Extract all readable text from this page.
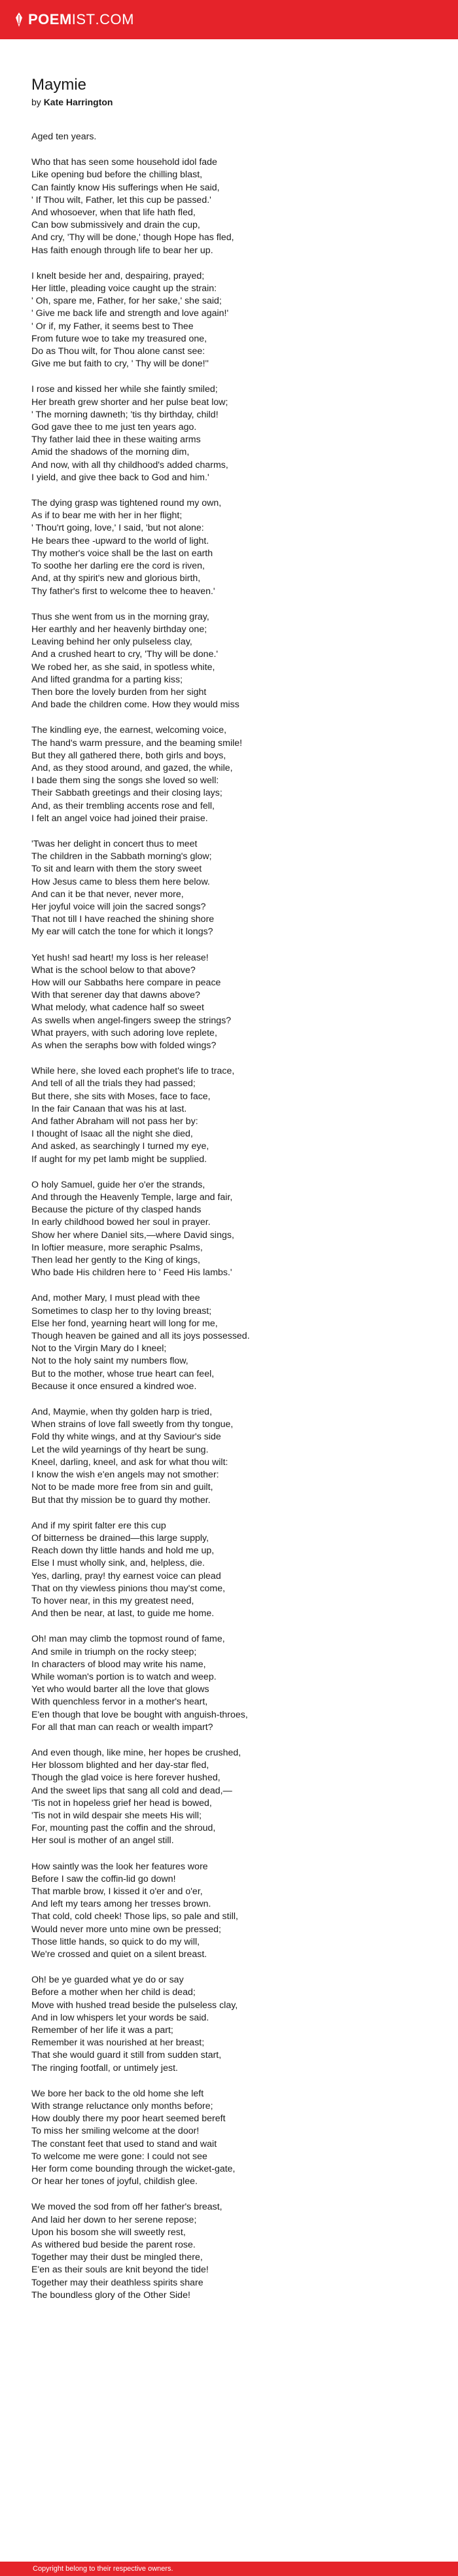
POEM IST .COM
Maymie
by Kate Harrington
Aged ten years.
Who that has seen some household idol fade
Like opening bud before the chilling blast,
Can faintly know His sufferings when He said,
' If Thou wilt, Father, let this cup be passed.'
And whosoever, when that life hath fled,
Can bow submissively and drain the cup,
And cry, 'Thy will be done,' though Hope has fled,
Has faith enough through life to bear her up.
I knelt beside her and, despairing, prayed;
Her little, pleading voice caught up the strain:
' Oh, spare me, Father, for her sake,' she said;
' Give me back life and strength and love again!'
' Or if, my Father, it seems best to Thee
From future woe to take my treasured one,
Do as Thou wilt, for Thou alone canst see:
Give me but faith to cry, ' Thy will be done!''
I rose and kissed her while she faintly smiled;
Her breath grew shorter and her pulse beat low;
' The morning dawneth; 'tis thy birthday, child!
God gave thee to me just ten years ago.
Thy father laid thee in these waiting arms
Amid the shadows of the morning dim,
And now, with all thy childhood's added charms,
I yield, and give thee back to God and him.'
The dying grasp was tightened round my own,
As if to bear me with her in her flight;
' Thou'rt going, love,' I said, 'but not alone:
He bears thee -upward to the world of light.
Thy mother's voice shall be the last on earth
To soothe her darling ere the cord is riven,
And, at thy spirit's new and glorious birth,
Thy father's first to welcome thee to heaven.'
Thus she went from us in the morning gray,
Her earthly and her heavenly birthday one;
Leaving behind her only pulseless clay,
And a crushed heart to cry, 'Thy will be done.'
We robed her, as she said, in spotless white,
And lifted grandma for a parting kiss;
Then bore the lovely burden from her sight
And bade the children come. How they would miss
The kindling eye, the earnest, welcoming voice,
The hand's warm pressure, and the beaming smile!
But they all gathered there, both girls and boys,
And, as they stood around, and gazed, the while,
I bade them sing the songs she loved so well:
Their Sabbath greetings and their closing lays;
And, as their trembling accents rose and fell,
I felt an angel voice had joined their praise.
'Twas her delight in concert thus to meet
The children in the Sabbath morning's glow;
To sit and learn with them the story sweet
How Jesus came to bless them here below.
And can it be that never, never more,
Her joyful voice will join the sacred songs?
That not till I have reached the shining shore
My ear will catch the tone for which it longs?
Yet hush! sad heart! my loss is her release!
What is the school below to that above?
How will our Sabbaths here compare in peace
With that serener day that dawns above?
What melody, what cadence half so sweet
As swells when angel-fingers sweep the strings?
What prayers, with such adoring love replete,
As when the seraphs bow with folded wings?
While here, she loved each prophet's life to trace,
And tell of all the trials they had passed;
But there, she sits with Moses, face to face,
In the fair Canaan that was his at last.
And father Abraham will not pass her by:
I thought of Isaac all the night she died,
And asked, as searchingly I turned my eye,
If aught for my pet lamb might be supplied.
O holy Samuel, guide her o'er the strands,
And through the Heavenly Temple, large and fair,
Because the picture of thy clasped hands
In early childhood bowed her soul in prayer.
Show her where Daniel sits,—where David sings,
In loftier measure, more seraphic Psalms,
Then lead her gently to the King of kings,
Who bade His children here to ' Feed His lambs.'
And, mother Mary, I must plead with thee
Sometimes to clasp her to thy loving breast;
Else her fond, yearning heart will long for me,
Though heaven be gained and all its joys possessed.
Not to the Virgin Mary do I kneel;
Not to the holy saint my numbers flow,
But to the mother, whose true heart can feel,
Because it once ensured a kindred woe.
And, Maymie, when thy golden harp is tried,
When strains of love fall sweetly from thy tongue,
Fold thy white wings, and at thy Saviour's side
Let the wild yearnings of thy heart be sung.
Kneel, darling, kneel, and ask for what thou wilt:
I know the wish e'en angels may not smother:
Not to be made more free from sin and guilt,
But that thy mission be to guard thy mother.
And if my spirit falter ere this cup
Of bitterness be drained—this large supply,
Reach down thy little hands and hold me up,
Else I must wholly sink, and, helpless, die.
Yes, darling, pray! thy earnest voice can plead
That on thy viewless pinions thou may'st come,
To hover near, in this my greatest need,
And then be near, at last, to guide me home.
Oh! man may climb the topmost round of fame,
And smile in triumph on the rocky steep;
In characters of blood may write his name,
While woman's portion is to watch and weep.
Yet who would barter all the love that glows
With quenchless fervor in a mother's heart,
E'en though that love be bought with anguish-throes,
For all that man can reach or wealth impart?
And even though, like mine, her hopes be crushed,
Her blossom blighted and her day-star fled,
Though the glad voice is here forever hushed,
And the sweet lips that sang all cold and dead,—
'Tis not in hopeless grief her head is bowed,
'Tis not in wild despair she meets His will;
For, mounting past the coffin and the shroud,
Her soul is mother of an angel still.
How saintly was the look her features wore
Before I saw the coffin-lid go down!
That marble brow, I kissed it o'er and o'er,
And left my tears among her tresses brown.
That cold, cold cheek! Those lips, so pale and still,
Would never more unto mine own be pressed;
Those little hands, so quick to do my will,
We're crossed and quiet on a silent breast.
Oh! be ye guarded what ye do or say
Before a mother when her child is dead;
Move with hushed tread beside the pulseless clay,
And in low whispers let your words be said.
Remember of her life it was a part;
Remember it was nourished at her breast;
That she would guard it still from sudden start,
The ringing footfall, or untimely jest.
We bore her back to the old home she left
With strange reluctance only months before;
How doubly there my poor heart seemed bereft
To miss her smiling welcome at the door!
The constant feet that used to stand and wait
To welcome me were gone: I could not see
Her form come bounding through the wicket-gate,
Or hear her tones of joyful, childish glee.
We moved the sod from off her father's breast,
And laid her down to her serene repose;
Upon his bosom she will sweetly rest,
As withered bud beside the parent rose.
Together may their dust be mingled there,
E'en as their souls are knit beyond the tide!
Together may their deathless spirits share
The boundless glory of the Other Side!
Copyright belong to their respective owners.
